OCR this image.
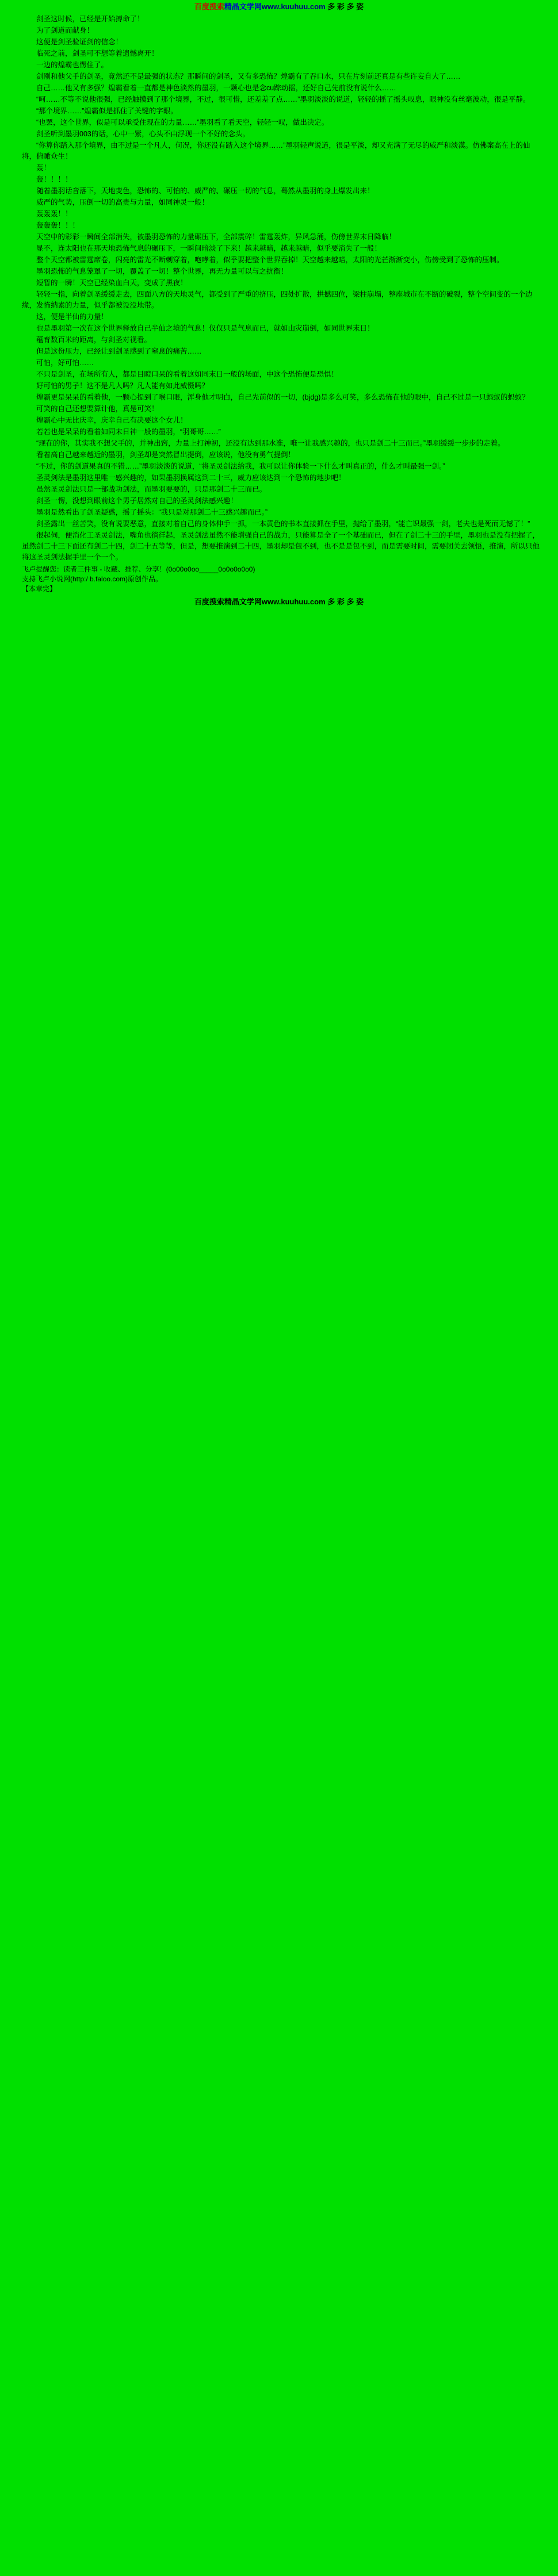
百度搜索精晶文学网www.kuuhuu.com 多 彩 多 姿

剑圣这时候，已经是开始搏命了！

为了剑道而献身！

这便是剑圣验证剑的信念！

临死之前，剑圣可不想等着遗憾离开！

一边的煌霸也愣住了。

剑刚和他父手的剑圣，竟然还不是最强的状态？那瞬间的剑圣，又有多恐怖？煌霸有了吞口水，只在片刻前还真是有些许妄自大了……

自己……他又有多强？煌霸看着一直都是神色淡然的墨羽，一颗心也是念cu踪动摇，还好自己先前没有说什么……

“呵……不等不说他很强，已经触摸到了那个境界，不过，很可惜，还差差了点……”墨羽淡淡的说道，轻轻的摇了摇头叹息，眼神没有丝毫波动，很是平静。

“那个境界……”煌霸似是抓住了关键的字眼。

“也罢，这个世界，似是可以承受住现在的力量……”墨羽看了看天空，轻轻一叹，做出决定。

剑圣听到墨羽003的话，心中一紧，心头不由浮现一个不好的念头。

“你算你踏入那个境界，由不过是一个凡人，何况，你还没有踏入这个境界……”墨羽轻声说道，很是平淡，却又充满了无尽的威严和淡漠。仿佛案高在上的仙将，俯瞰众生！

轰！

轰！！！！

随着墨羽话音落下，天地变色，恐怖的、可怕的、威严的、碾压一切的气息，蓦然从墨羽的身上爆发出来！

威严的气势，压倒一切的高贵与力量，如同神灵一般！

轰轰轰！！

轰轰轰！！！

天空中的彩彩一瞬间全部消失，被墨羽恐怖的力量碾压下，全部震碎！雷霆轰炸，异风急涌，伤傍世界末日降临！

显不，连太阳也在那天地恐怖气息的碾压下，一瞬间暗淡了下来！越来越暗，越来越暗，似乎要消失了一般！

整个天空都被雷霆席卷，闪亮的雷光不断刺穿着，咆哮着，似乎要把整个世界吞掉！天空越来越暗，太阳的光芒渐渐变小，伤傍受到了恐怖的压制。

墨羽恐怖的气息笼罩了一切，覆盖了一切！整个世界，再无力量可以与之抗衡！

短暂的一瞬！天空已经染血白天，变成了黑夜！

轻轻一指，向着剑圣缓缓走去，四面八方的天地灵气，都受到了严重的挤压，四处扩散，拱撼四位，梁柱崩塌，整座城市在不断的破裂，整个空间变的一个边缘，发怖纳素的力量，似乎都被设没地带。

这，便是半仙的力量！

也是墨羽第一次在这个世界释放自己半仙之境的气息！仅仅只是气息而已，就如山灾崩倒，如同世界末日！

蕴育数百米的距离，与剑圣对视看。

但是这份压力，已经让到剑圣感到了窒息的痛苦……

可怕，好可怕……

不只是剑圣，在场所有人，都是目瞪口呆的看着这如同末日一般的场面，中这个恐怖便是恐惧！

好可怕的男子！这不是凡人吗？凡人能有如此威慑吗？

煌霸更是呆呆的看着他，一颗心提到了喉口眼，浑身他才明白，自己先前似的一切，(bjdg)是多么可笑，多么恐怖在他的眼中，自己不过是一只蚂蚁的蚂蚁？

可笑的自己还想要算计他，真是可笑！

煌霸心中无比庆幸，庆幸自己有决要这个女儿！

若若也是呆呆的看着如同末日神一般的墨羽，“羽哥哥……”

“现在的你，其实我不想父手的，并神出窍，力量上打神初，还没有达到那水准，唯一让我感兴趣的，也只是剑二十三而已。”墨羽缓缓一步步的走着。

看着高自己越来越近的墨羽，剑圣却是突然冒出提倒，应该说，他没有勇气提倒！

“不过，你的剑道果真的不错……”墨羽淡淡的说道，“将圣灵剑法给我，我可以让你体验一下什么才叫真正的，什么才叫最强一剑。”

圣灵剑法是墨羽这里唯一感兴趣的，如果墨羽换属这到二十三，威力应该达到一个恐怖的地步吧！

虽然圣灵剑法只是一部战功剑法，而墨羽要要的，只是那剑二十三而已。

剑圣一愣，没想到眼前这个男子居然对自己的圣灵剑法感兴趣！

墨羽是然看出了剑圣疑惑，摇了摇头：“我只是对那剑二十三感兴趣而已。”

剑圣露出一丝苦笑，没有说要恶意，直接对着自己的身体伸手一抓，一本黄色的书本直接抓在手里，抛给了墨羽，“能亡识最强一剑，老夫也是死而无憾了！”

很起伺，便消化工圣灵剑法，嘴角也徜徉起，圣灵剑法虽然不能增强自己的战力，只能算是全了一个基础而已，但在了剑二十三的手里，墨羽也是没有把握了，虽然剑二十三下面还有剑二十四，剑二十五等等，但是，想要推演到二十四，墨羽却是包不到，也不是是包不到，而是需要时间，需要闭关去领悟，推演，所以只他将这圣灵剑法握手里一个一个。

飞卢提醒您：读者三件事 - 收藏、推荐、分享！(0o00o0oo_____0o0o0o0o0)

支持飞卢小说网(http:/ b.faloo.com)原创作品。

【本章完】

百度搜索精晶文学网www.kuuhuu.com 多 彩 多 姿
